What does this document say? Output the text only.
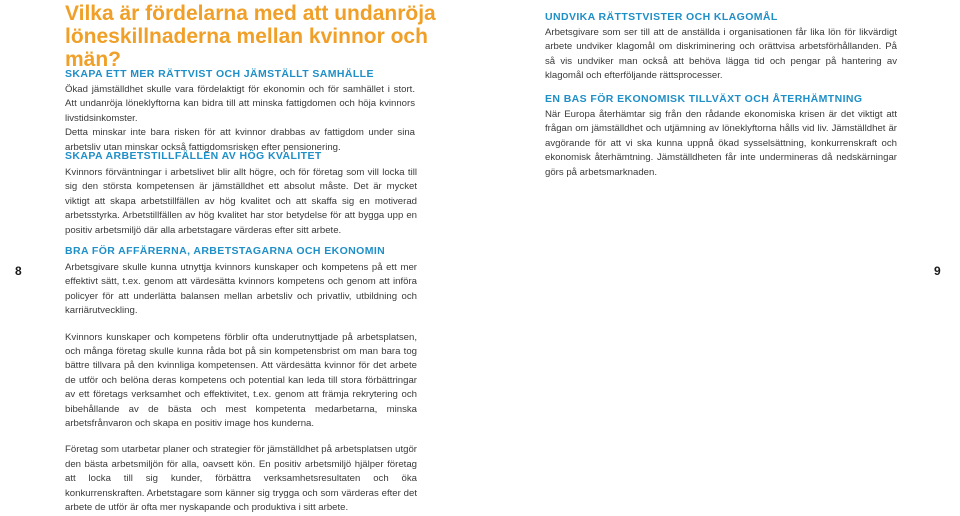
Vilka är fördelarna med att undanröja löneskillnaderna mellan kvinnor och män?
SKAPA ETT MER RÄTTVIST OCH JÄMSTÄLLT SAMHÄLLE

Ökad jämställdhet skulle vara fördelaktigt för ekonomin och för samhället i stort. Att undanröja löneklyftorna kan bidra till att minska fattigdomen och höja kvinnors livstidsinkomster.

Detta minskar inte bara risken för att kvinnor drabbas av fattigdom under sina arbetsliv utan minskar också fattigdomsrisken efter pensionering.

SKAPA ARBETSTILLFÄLLEN AV HÖG KVALITET

Kvinnors förväntningar i arbetslivet blir allt högre, och för företag som vill locka till sig den största kompetensen är jämställdhet ett absolut måste. Det är mycket viktigt att skapa arbetstillfällen av hög kvalitet och att skaffa sig en motiverad arbetsstyrka. Arbetstillfällen av hög kvalitet har stor betydelse för att bygga upp en positiv arbetsmiljö där alla arbetstagare värderas efter sitt arbete.

BRA FÖR AFFÄRERNA, ARBETSTAGARNA OCH EKONOMIN

Arbetsgivare skulle kunna utnyttja kvinnors kunskaper och kompetens på ett mer effektivt sätt, t.ex. genom att värdesätta kvinnors kompetens och genom att införa policyer för att underlätta balansen mellan arbetsliv och privatliv, utbildning och karriärutveckling.

Kvinnors kunskaper och kompetens förblir ofta underutnyttjade på arbetsplatsen, och många företag skulle kunna råda bot på sin kompetensbrist om man bara tog bättre tillvara på den kvinnliga kompetensen. Att värdesätta kvinnor för det arbete de utför och belöna deras kompetens och potential kan leda till stora förbättringar av ett företags verksamhet och effektivitet, t.ex. genom att främja rekrytering och bibehållande av de bästa och mest kompetenta medarbetarna, minska arbetsfrånvaron och skapa en positiv image hos kunderna.

Företag som utarbetar planer och strategier för jämställdhet på arbetsplatsen utgör den bästa arbetsmiljön för alla, oavsett kön. En positiv arbetsmiljö hjälper företag att locka till sig kunder, förbättra verksamhetsresultaten och öka konkurrenskraften. Arbetstagare som känner sig trygga och som värderas efter det arbete de utför är ofta mer nyskapande och produktiva i sitt arbete.

UNDVIKA RÄTTSTVISTER OCH KLAGOMÅL

Arbetsgivare som ser till att de anställda i organisationen får lika lön för likvärdigt arbete undviker klagomål om diskriminering och orättvisa arbetsförhållanden. På så vis undviker man också att behöva lägga tid och pengar på hantering av klagomål och efterföljande rättsprocesser.

EN BAS FÖR EKONOMISK TILLVÄXT OCH ÅTERHÄMTNING

När Europa återhämtar sig från den rådande ekonomiska krisen är det viktigt att frågan om jämställdhet och utjämning av löneklyftorna hålls vid liv. Jämställdhet är avgörande för att vi ska kunna uppnå ökad sysselsättning, konkurrenskraft och ekonomisk återhämtning. Jämställdheten får inte undermineras då nedskärningar görs på arbetsmarknaden.

8	9
